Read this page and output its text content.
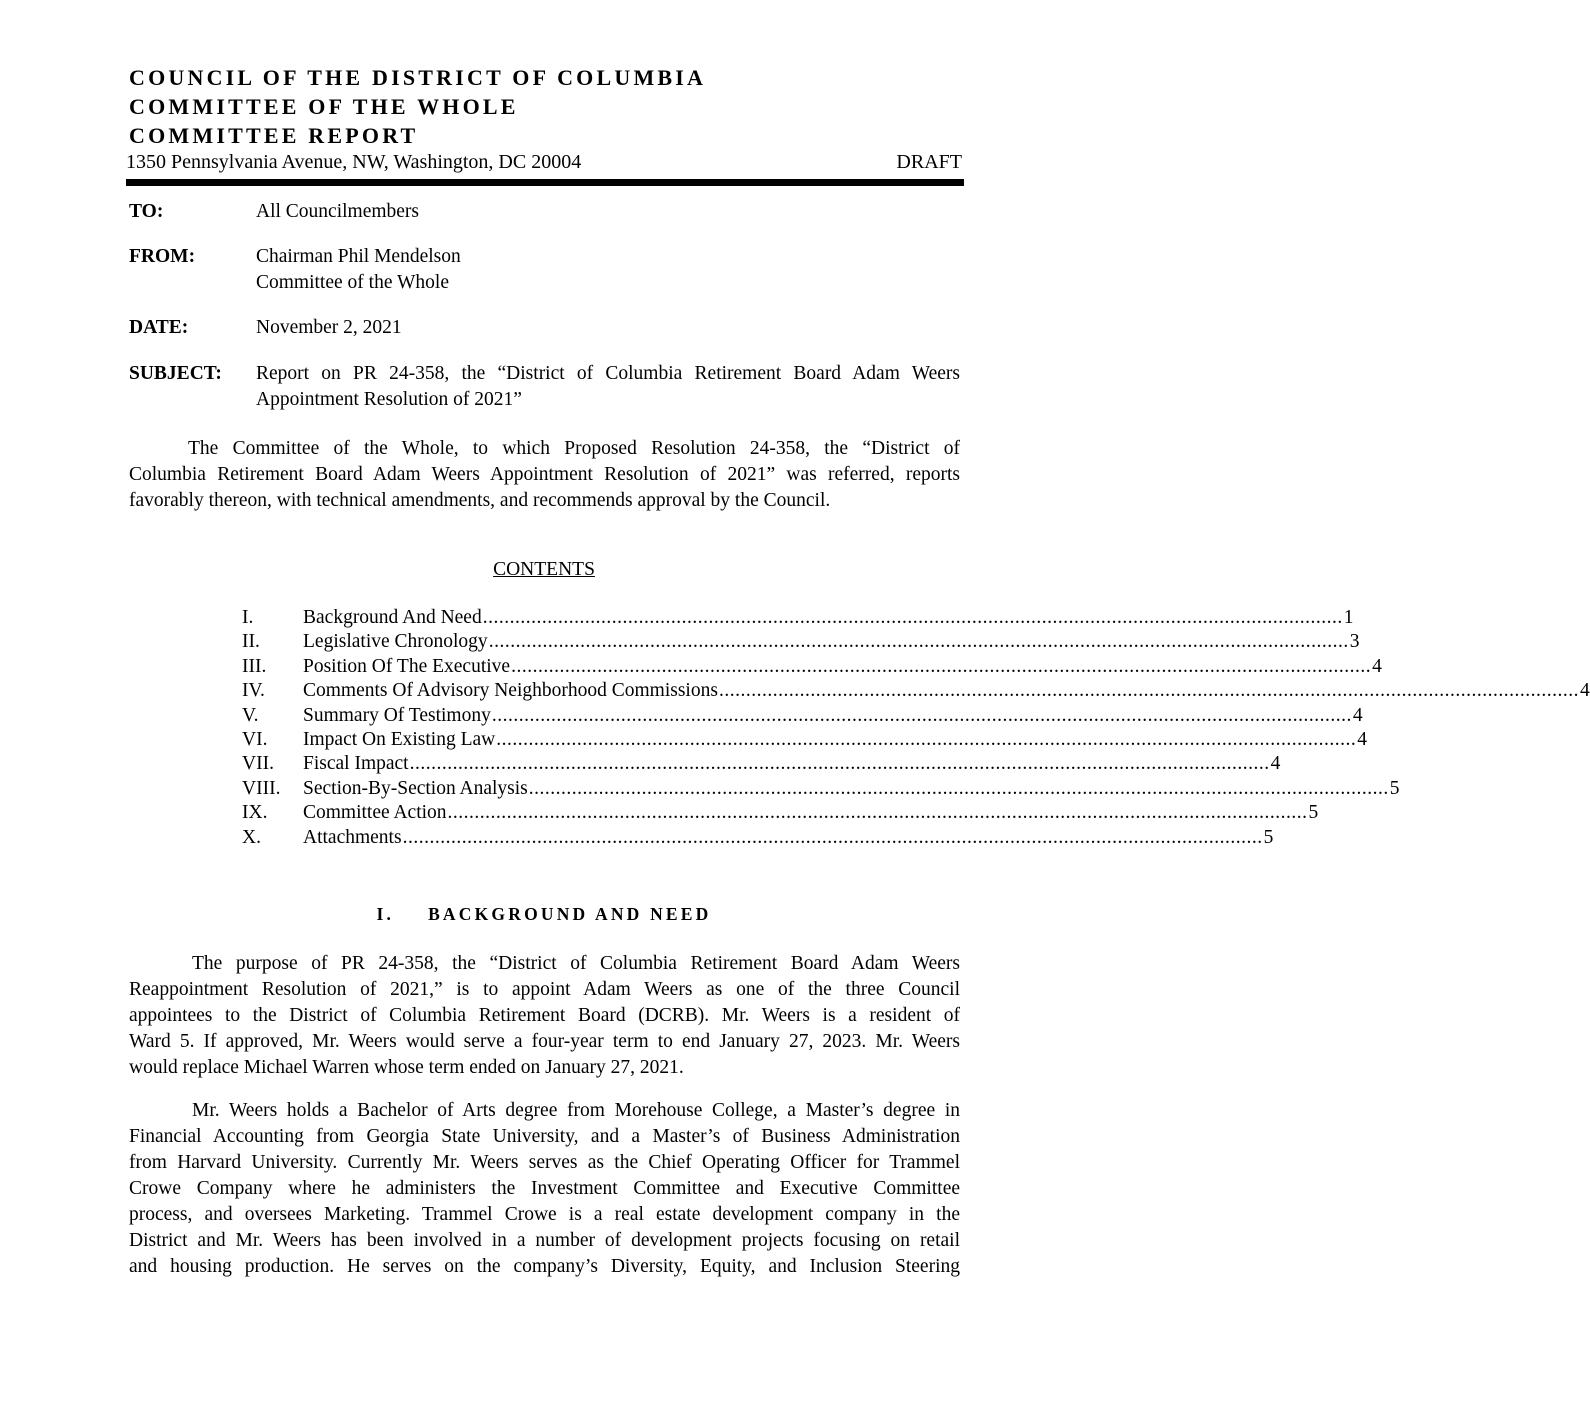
COUNCIL OF THE DISTRICT OF COLUMBIA
COMMITTEE OF THE WHOLE
COMMITTEE REPORT
1350 Pennsylvania Avenue, NW, Washington, DC 20004	DRAFT
TO:	All Councilmembers
FROM:	Chairman Phil Mendelson
Committee of the Whole
DATE:	November 2, 2021
SUBJECT: Report on PR 24-358, the “District of Columbia Retirement Board Adam Weers
Appointment Resolution of 2021”
The Committee of the Whole, to which Proposed Resolution 24-358, the “District of
Columbia Retirement Board Adam Weers Appointment Resolution of 2021” was referred, reports
favorably thereon, with technical amendments, and recommends approval by the Council.
CONTENTS
I.	Background And Need ................................................................................................................................................................ 1
II. Legislative Chronology ................................................................................................................................................................ 3
III. Position Of The Executive ................................................................................................................................................................ 4
IV. Comments Of Advisory Neighborhood Commissions ................................................................................................................................................................ 4
V. Summary Of Testimony ................................................................................................................................................................ 4
VI. Impact On Existing Law ................................................................................................................................................................ 4
VII. Fiscal Impact ................................................................................................................................................................ 4
VIII. Section-By-Section Analysis ................................................................................................................................................................ 5
IX. Committee Action ................................................................................................................................................................ 5
X. Attachments ................................................................................................................................................................ 5
I. BACKGROUND AND NEED
The purpose of PR 24-358, the “District of Columbia Retirement Board Adam Weers
Reappointment Resolution of 2021,” is to appoint Adam Weers as one of the three Council
appointees to the District of Columbia Retirement Board (DCRB). Mr. Weers is a resident of
Ward 5. If approved, Mr. Weers would serve a four-year term to end January 27, 2023. Mr. Weers
would replace Michael Warren whose term ended on January 27, 2021.
Mr. Weers holds a Bachelor of Arts degree from Morehouse College, a Master’s degree in
Financial Accounting from Georgia State University, and a Master’s of Business Administration
from Harvard University. Currently Mr. Weers serves as the Chief Operating Officer for Trammel
Crowe Company where he administers the Investment Committee and Executive Committee
process, and oversees Marketing. Trammel Crowe is a real estate development company in the
District and Mr. Weers has been involved in a number of development projects focusing on retail
and housing production. He serves on the company’s Diversity, Equity, and Inclusion Steering
